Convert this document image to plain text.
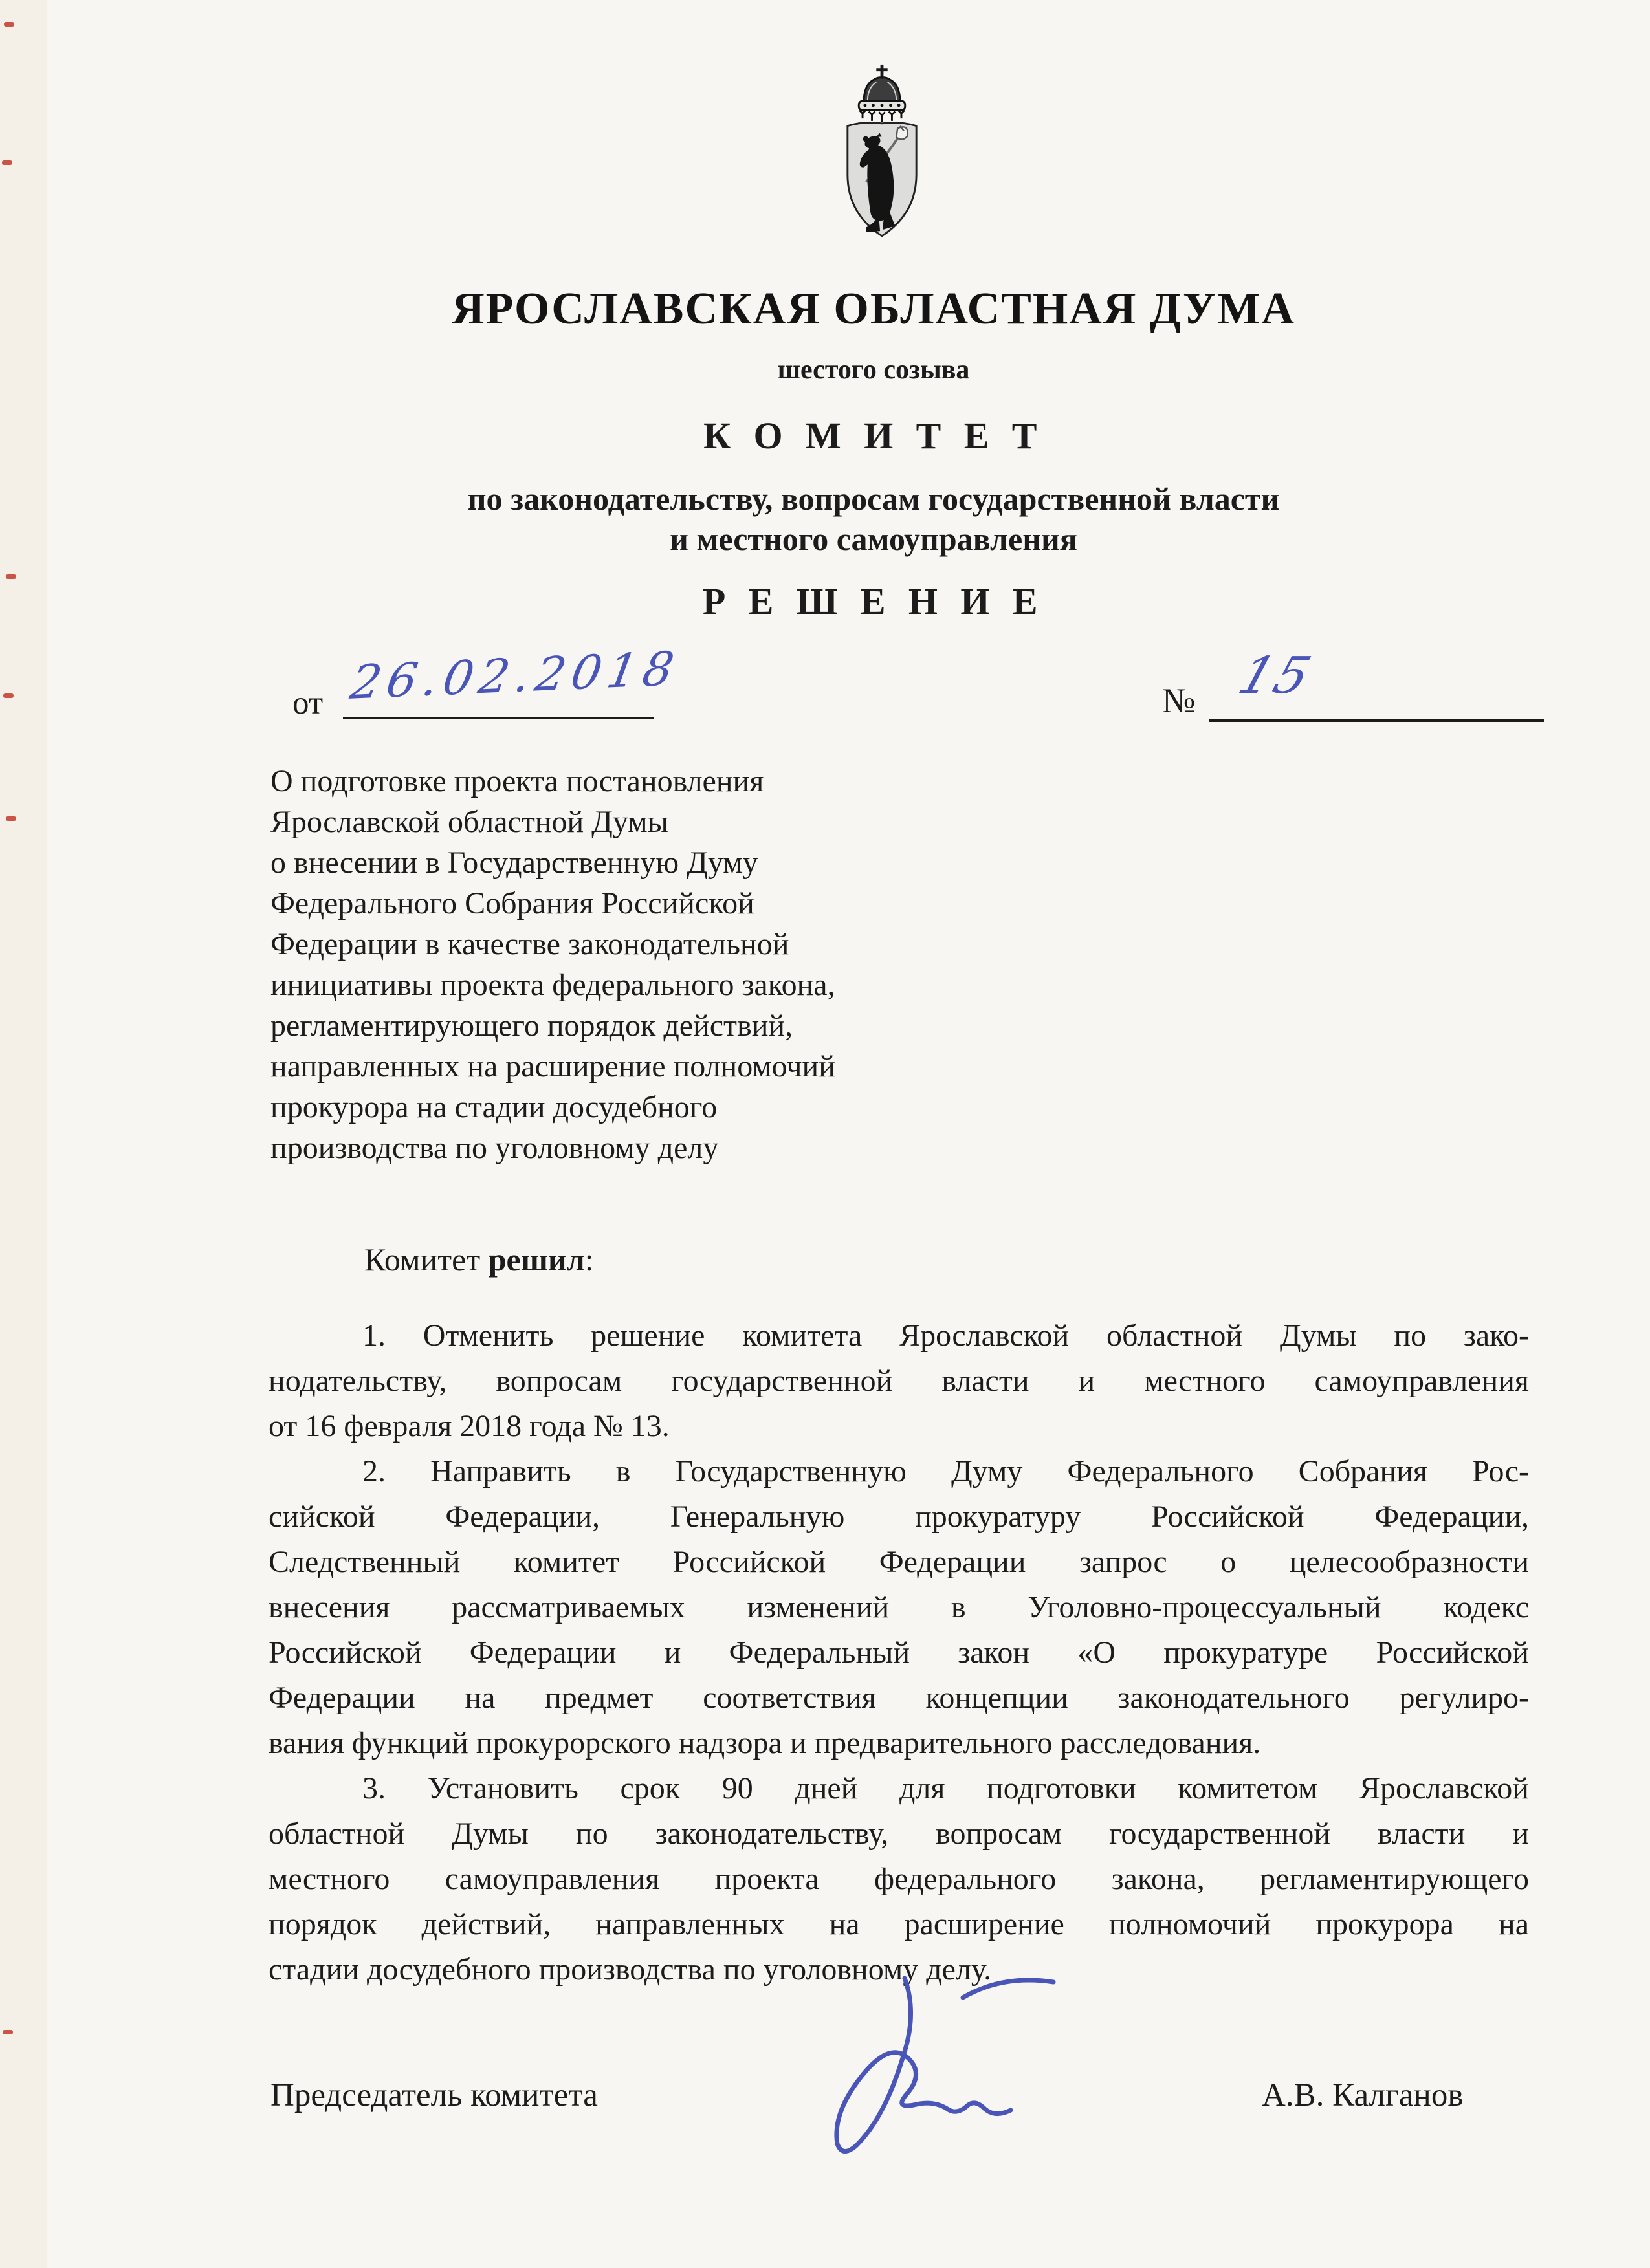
ЯРОСЛАВСКАЯ ОБЛАСТНАЯ ДУМА
шестого созыва
К О М И Т Е Т
по законодательству, вопросам государственной власти
и местного самоуправления
Р Е Ш Е Н И Е
от 26.02.2018	№ 15
О подготовке проекта постановления
Ярославской областной Думы
о внесении в Государственную Думу
Федерального Собрания Российской
Федерации в качестве законодательной
инициативы проекта федерального закона,
регламентирующего порядок действий,
направленных на расширение полномочий
прокурора на стадии досудебного
производства по уголовному делу
Комитет решил:
1. Отменить решение комитета Ярославской областной Думы по зако-
нодательству, вопросам государственной власти и местного самоуправления
от 16 февраля 2018 года № 13.
2. Направить в Государственную Думу Федерального Собрания Рос-
сийской Федерации, Генеральную прокуратуру Российской Федерации,
Следственный комитет Российской Федерации запрос о целесообразности
внесения рассматриваемых изменений в Уголовно-процессуальный кодекс
Российской Федерации и Федеральный закон «О прокуратуре Российской
Федерации на предмет соответствия концепции законодательного регулиро-
вания функций прокурорского надзора и предварительного расследования.
3. Установить срок 90 дней для подготовки комитетом Ярославской
областной Думы по законодательству, вопросам государственной власти и
местного самоуправления проекта федерального закона, регламентирующего
порядок действий, направленных на расширение полномочий прокурора на
стадии досудебного производства по уголовному делу.
Председатель комитета	А.В. Калганов
